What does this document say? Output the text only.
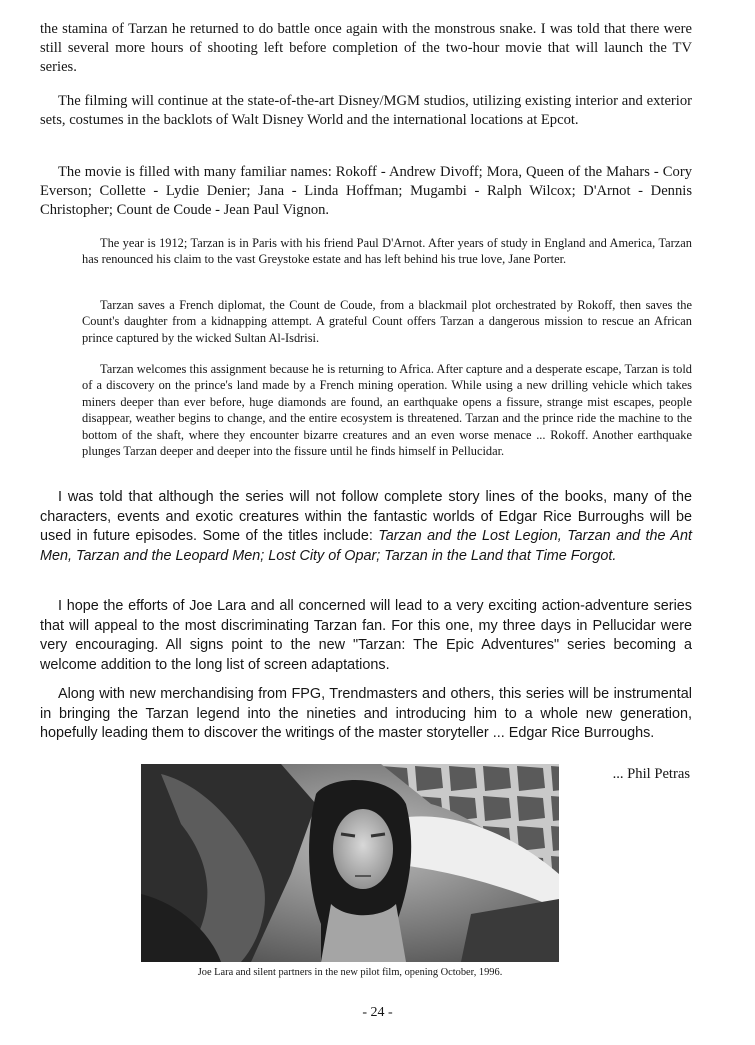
the stamina of Tarzan he returned to do battle once again with the monstrous snake. I was told that there were still several more hours of shooting left before completion of the two-hour movie that will launch the TV series.

The filming will continue at the state-of-the-art Disney/MGM studios, utilizing existing interior and exterior sets, costumes in the backlots of Walt Disney World and the international locations at Epcot.

The movie is filled with many familiar names: Rokoff - Andrew Divoff; Mora, Queen of the Mahars - Cory Everson; Collette - Lydie Denier; Jana - Linda Hoffman; Mugambi - Ralph Wilcox; D'Arnot - Dennis Christopher; Count de Coude - Jean Paul Vignon.

The year is 1912; Tarzan is in Paris with his friend Paul D'Arnot. After years of study in England and America, Tarzan has renounced his claim to the vast Greystoke estate and has left behind his true love, Jane Porter.

Tarzan saves a French diplomat, the Count de Coude, from a blackmail plot orchestrated by Rokoff, then saves the Count's daughter from a kidnapping attempt. A grateful Count offers Tarzan a dangerous mission to rescue an African prince captured by the wicked Sultan Al-Isdrisi.

Tarzan welcomes this assignment because he is returning to Africa. After capture and a desperate escape, Tarzan is told of a discovery on the prince's land made by a French mining operation. While using a new drilling vehicle which takes miners deeper than ever before, huge diamonds are found, an earthquake opens a fissure, strange mist escapes, people disappear, weather begins to change, and the entire ecosystem is threatened. Tarzan and the prince ride the machine to the bottom of the shaft, where they encounter bizarre creatures and an even worse menace ... Rokoff. Another earthquake plunges Tarzan deeper and deeper into the fissure until he finds himself in Pellucidar.

I was told that although the series will not follow complete story lines of the books, many of the characters, events and exotic creatures within the fantastic worlds of Edgar Rice Burroughs will be used in future episodes. Some of the titles include: Tarzan and the Lost Legion, Tarzan and the Ant Men, Tarzan and the Leopard Men; Lost City of Opar; Tarzan in the Land that Time Forgot.

I hope the efforts of Joe Lara and all concerned will lead to a very exciting action-adventure series that will appeal to the most discriminating Tarzan fan. For this one, my three days in Pellucidar were very encouraging. All signs point to the new "Tarzan: The Epic Adventures" series becoming a welcome addition to the long list of screen adaptations.

Along with new merchandising from FPG, Trendmasters and others, this series will be instrumental in bringing the Tarzan legend into the nineties and introducing him to a whole new generation, hopefully leading them to discover the writings of the master storyteller ... Edgar Rice Burroughs.

... Phil Petras
Joe Lara and silent partners in the new pilot film, opening October, 1996.
- 24 -
